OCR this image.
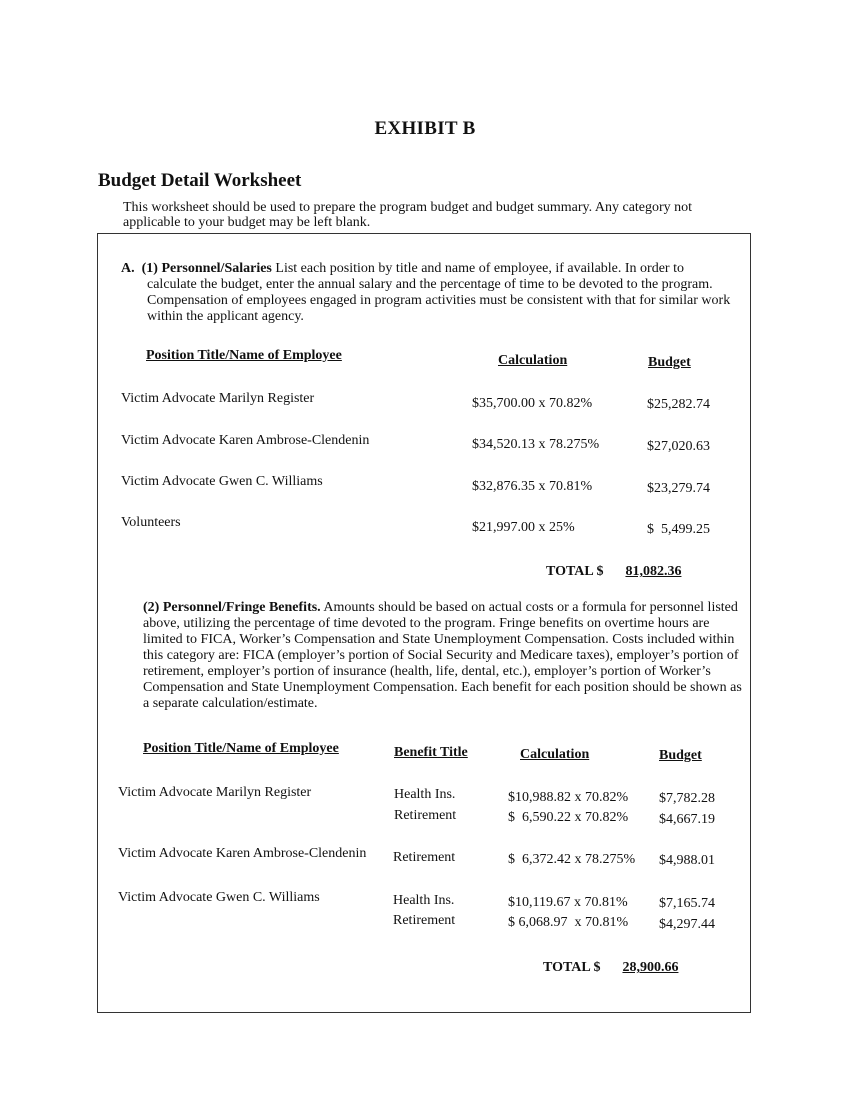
EXHIBIT B
Budget Detail Worksheet
This worksheet should be used to prepare the program budget and budget summary. Any category not applicable to your budget may be left blank.
A. (1) Personnel/Salaries List each position by title and name of employee, if available. In order to
calculate the budget, enter the annual salary and the percentage of time to be devoted to the program. Compensation of employees engaged in program activities must be consistent with that for similar work within the applicant agency.
Position Title/Name of Employee	Calculation	Budget
Victim Advocate Marilyn Register	$35,700.00 x 70.82%	$25,282.74
Victim Advocate Karen Ambrose-Clendenin	$34,520.13 x 78.275%	$27,020.63
Victim Advocate Gwen C. Williams	$32,876.35 x 70.81%	$23,279.74
Volunteers	$21,997.00 x 25%	$  5,499.25
TOTAL $ 81,082.36
(2) Personnel/Fringe Benefits. Amounts should be based on actual costs or a formula for personnel listed above, utilizing the percentage of time devoted to the program. Fringe benefits on overtime hours are limited to FICA, Worker’s Compensation and State Unemployment Compensation. Costs included within this category are: FICA (employer’s portion of Social Security and Medicare taxes), employer’s portion of retirement, employer’s portion of insurance (health, life, dental, etc.), employer’s portion of Worker’s Compensation and State Unemployment Compensation. Each benefit for each position should be shown as a separate calculation/estimate.
Position Title/Name of Employee	Benefit Title	Calculation	Budget
Victim Advocate Marilyn Register	Health Ins.	$10,988.82 x 70.82% $7,782.28
Retirement	$  6,590.22 x 70.82% $4,667.19
Victim Advocate Karen Ambrose-Clendenin Retirement	$  6,372.42 x 78.275% $4,988.01
Victim Advocate Gwen C. Williams	Health Ins.	$10,119.67 x 70.81% $7,165.74
Retirement	$ 6,068.97  x 70.81% $4,297.44
TOTAL $ 28,900.66
